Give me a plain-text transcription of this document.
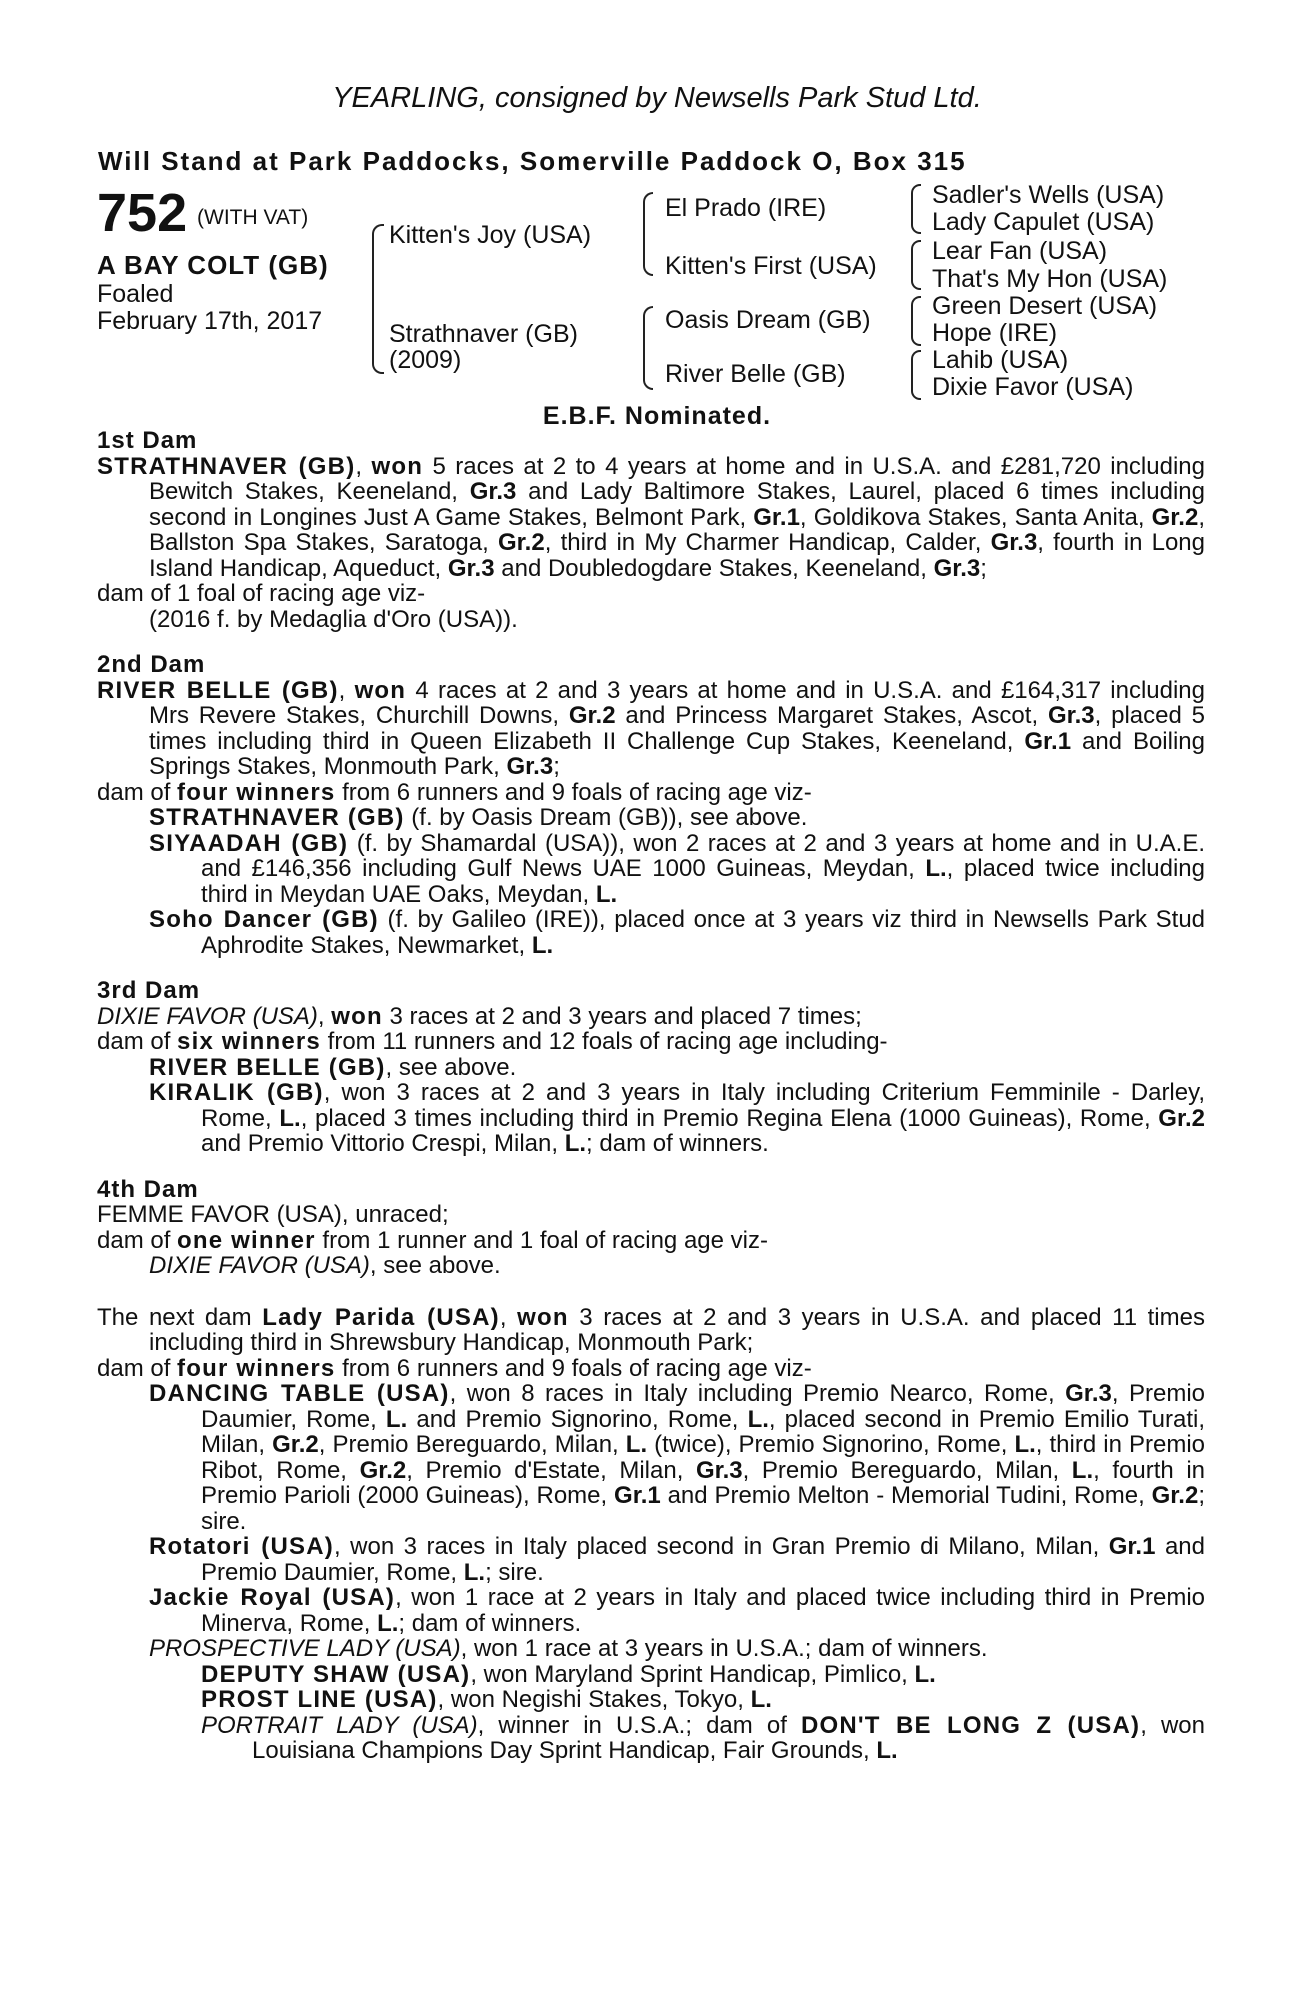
YEARLING, consigned by Newsells Park Stud Ltd.
Will Stand at Park Paddocks, Somerville Paddock O, Box 315
752 (WITH VAT)
A BAY COLT (GB)
Foaled
February 17th, 2017
Kitten's Joy (USA)
Strathnaver (GB)
(2009)
El Prado (IRE)
Kitten's First (USA)
Oasis Dream (GB)
River Belle (GB)
Sadler's Wells (USA)
Lady Capulet (USA)
Lear Fan (USA)
That's My Hon (USA)
Green Desert (USA)
Hope (IRE)
Lahib (USA)
Dixie Favor (USA)
E.B.F. Nominated.
1st Dam
STRATHNAVER (GB), won 5 races at 2 to 4 years at home and in U.S.A. and £281,720 including Bewitch Stakes, Keeneland, Gr.3 and Lady Baltimore Stakes, Laurel, placed 6 times including second in Longines Just A Game Stakes, Belmont Park, Gr.1, Goldikova Stakes, Santa Anita, Gr.2, Ballston Spa Stakes, Saratoga, Gr.2, third in My Charmer Handicap, Calder, Gr.3, fourth in Long Island Handicap, Aqueduct, Gr.3 and Doubledogdare Stakes, Keeneland, Gr.3;
dam of 1 foal of racing age viz-
(2016 f. by Medaglia d'Oro (USA)).
2nd Dam
RIVER BELLE (GB), won 4 races at 2 and 3 years at home and in U.S.A. and £164,317 including Mrs Revere Stakes, Churchill Downs, Gr.2 and Princess Margaret Stakes, Ascot, Gr.3, placed 5 times including third in Queen Elizabeth II Challenge Cup Stakes, Keeneland, Gr.1 and Boiling Springs Stakes, Monmouth Park, Gr.3;
dam of four winners from 6 runners and 9 foals of racing age viz-
STRATHNAVER (GB) (f. by Oasis Dream (GB)), see above.
SIYAADAH (GB) (f. by Shamardal (USA)), won 2 races at 2 and 3 years at home and in U.A.E. and £146,356 including Gulf News UAE 1000 Guineas, Meydan, L., placed twice including third in Meydan UAE Oaks, Meydan, L.
Soho Dancer (GB) (f. by Galileo (IRE)), placed once at 3 years viz third in Newsells Park Stud Aphrodite Stakes, Newmarket, L.
3rd Dam
DIXIE FAVOR (USA), won 3 races at 2 and 3 years and placed 7 times;
dam of six winners from 11 runners and 12 foals of racing age including-
RIVER BELLE (GB), see above.
KIRALIK (GB), won 3 races at 2 and 3 years in Italy including Criterium Femminile - Darley, Rome, L., placed 3 times including third in Premio Regina Elena (1000 Guineas), Rome, Gr.2 and Premio Vittorio Crespi, Milan, L.; dam of winners.
4th Dam
FEMME FAVOR (USA), unraced;
dam of one winner from 1 runner and 1 foal of racing age viz-
DIXIE FAVOR (USA), see above.
The next dam Lady Parida (USA), won 3 races at 2 and 3 years in U.S.A. and placed 11 times including third in Shrewsbury Handicap, Monmouth Park;
dam of four winners from 6 runners and 9 foals of racing age viz-
DANCING TABLE (USA), won 8 races in Italy including Premio Nearco, Rome, Gr.3, Premio Daumier, Rome, L. and Premio Signorino, Rome, L., placed second in Premio Emilio Turati, Milan, Gr.2, Premio Bereguardo, Milan, L. (twice), Premio Signorino, Rome, L., third in Premio Ribot, Rome, Gr.2, Premio d'Estate, Milan, Gr.3, Premio Bereguardo, Milan, L., fourth in Premio Parioli (2000 Guineas), Rome, Gr.1 and Premio Melton - Memorial Tudini, Rome, Gr.2; sire.
Rotatori (USA), won 3 races in Italy placed second in Gran Premio di Milano, Milan, Gr.1 and Premio Daumier, Rome, L.; sire.
Jackie Royal (USA), won 1 race at 2 years in Italy and placed twice including third in Premio Minerva, Rome, L.; dam of winners.
PROSPECTIVE LADY (USA), won 1 race at 3 years in U.S.A.; dam of winners.
DEPUTY SHAW (USA), won Maryland Sprint Handicap, Pimlico, L.
PROST LINE (USA), won Negishi Stakes, Tokyo, L.
PORTRAIT LADY (USA), winner in U.S.A.; dam of DON'T BE LONG Z (USA), won Louisiana Champions Day Sprint Handicap, Fair Grounds, L.
